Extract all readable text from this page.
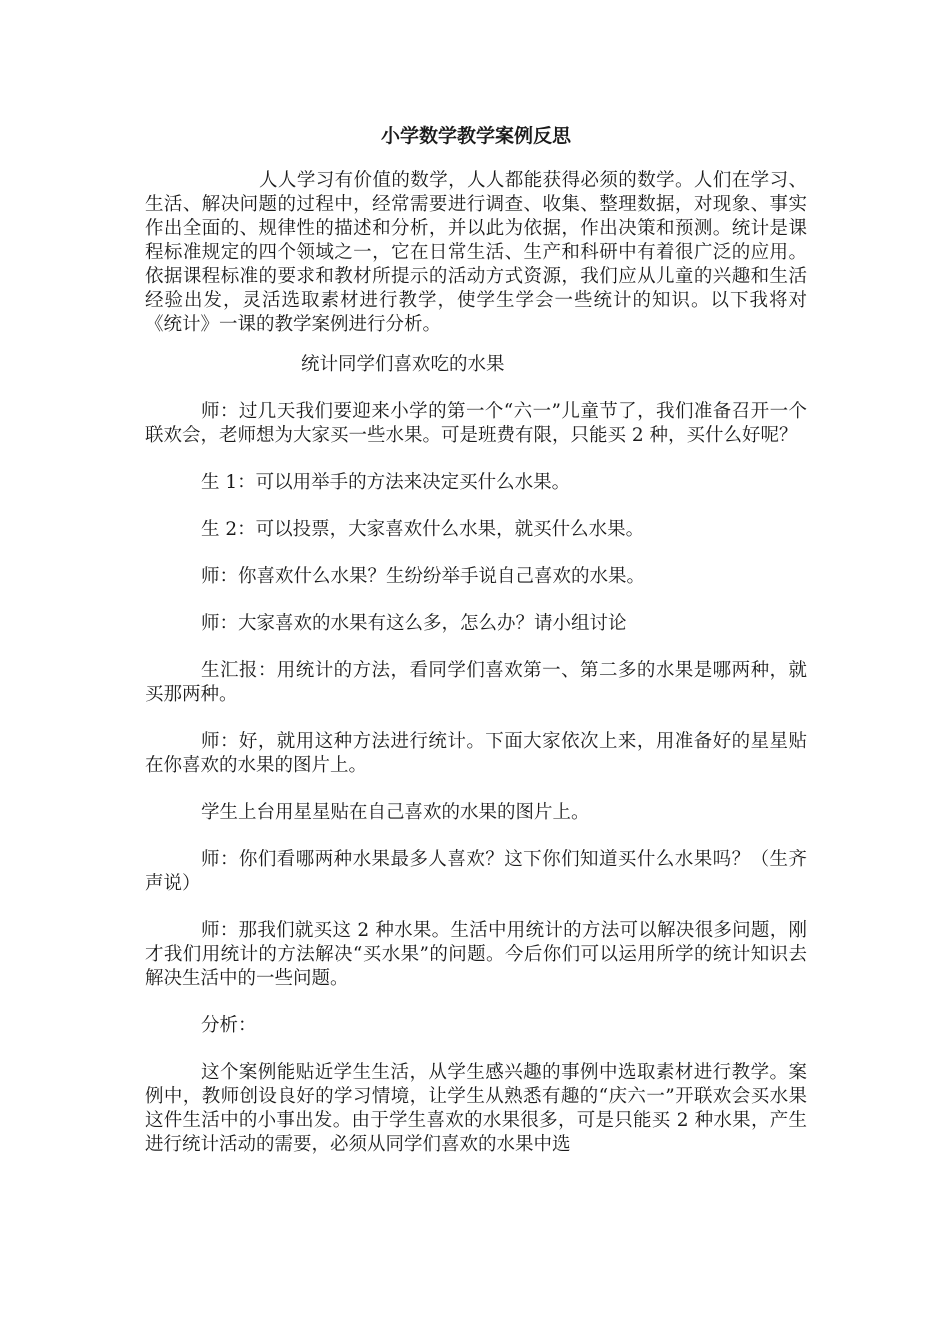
小学数学教学案例反思

人人学习有价值的数学，人人都能获得必须的数学。人们在学习、生活、解决问题的过程中，经常需要进行调查、收集、整理数据，对现象、事实作出全面的、规律性的描述和分析，并以此为依据，作出决策和预测。统计是课程标准规定的四个领域之一，它在日常生活、生产和科研中有着很广泛的应用。依据课程标准的要求和教材所提示的活动方式资源，我们应从儿童的兴趣和生活经验出发，灵活选取素材进行教学，使学生学会一些统计的知识。以下我将对《统计》一课的教学案例进行分析。

统计同学们喜欢吃的水果

师：过几天我们要迎来小学的第一个“六一”儿童节了，我们准备召开一个联欢会，老师想为大家买一些水果。可是班费有限，只能买 2 种，买什么好呢？

生 1：可以用举手的方法来决定买什么水果。

生 2：可以投票，大家喜欢什么水果，就买什么水果。

师：你喜欢什么水果？生纷纷举手说自己喜欢的水果。

师：大家喜欢的水果有这么多，怎么办？请小组讨论

生汇报：用统计的方法，看同学们喜欢第一、第二多的水果是哪两种，就买那两种。

师：好，就用这种方法进行统计。下面大家依次上来，用准备好的星星贴在你喜欢的水果的图片上。

学生上台用星星贴在自己喜欢的水果的图片上。

师：你们看哪两种水果最多人喜欢？这下你们知道买什么水果吗？（生齐声说）

师：那我们就买这 2 种水果。生活中用统计的方法可以解决很多问题，刚才我们用统计的方法解决“买水果”的问题。今后你们可以运用所学的统计知识去解决生活中的一些问题。

分析：

这个案例能贴近学生生活，从学生感兴趣的事例中选取素材进行教学。案例中，教师创设良好的学习情境，让学生从熟悉有趣的“庆六一”开联欢会买水果这件生活中的小事出发。由于学生喜欢的水果很多，可是只能买 2 种水果，产生进行统计活动的需要，必须从同学们喜欢的水果中选
